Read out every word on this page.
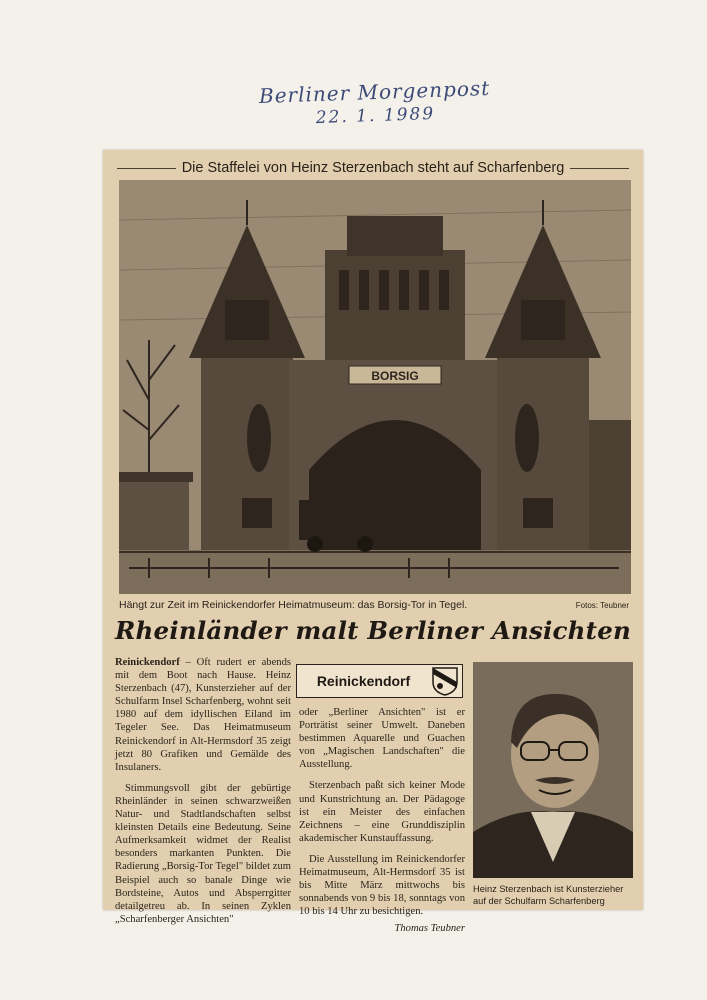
Berliner Morgenpost
22. 1. 1989
Die Staffelei von Heinz Sterzenbach steht auf Scharfenberg
BORSIG
Hängt zur Zeit im Reinickendorfer Heimatmuseum: das Borsig-Tor in Tegel.	Fotos: Teubner
Rheinländer malt Berliner Ansichten

Reinickendorf – Oft rudert er abends mit dem Boot nach Hause. Heinz Sterzenbach (47), Kunsterzieher auf der Schulfarm Insel Scharfenberg, wohnt seit 1980 auf dem idyllischen Eiland im Tegeler See. Das Heimatmuseum Reinickendorf in Alt-Hermsdorf 35 zeigt jetzt 80 Grafiken und Gemälde des Insulaners.

Stimmungsvoll gibt der gebürtige Rheinländer in seinen schwarzweißen Natur- und Stadtlandschaften selbst kleinsten Details eine Bedeutung. Seine Aufmerksamkeit widmet der Realist besonders markanten Punkten. Die Radierung „Borsig-Tor Tegel" bildet zum Beispiel auch so banale Dinge wie Bordsteine, Autos und Absperrgitter detailgetreu ab. In seinen Zyklen „Scharfenberger Ansichten"

Reinickendorf

oder „Berliner Ansichten" ist er Porträtist seiner Umwelt. Daneben bestimmen Aquarelle und Guachen von „Magischen Landschaften" die Ausstellung.

Sterzenbach paßt sich keiner Mode und Kunstrichtung an. Der Pädagoge ist ein Meister des einfachen Zeichnens – eine Grunddisziplin akademischer Kunstauffassung.

Die Ausstellung im Reinickendorfer Heimatmuseum, Alt-Hermsdorf 35 ist bis Mitte März mittwochs bis sonnabends von 9 bis 18, sonntags von 10 bis 14 Uhr zu besichtigen.

Thomas Teubner
Heinz Sterzenbach ist Kunsterzieher auf der Schulfarm Scharfenberg
